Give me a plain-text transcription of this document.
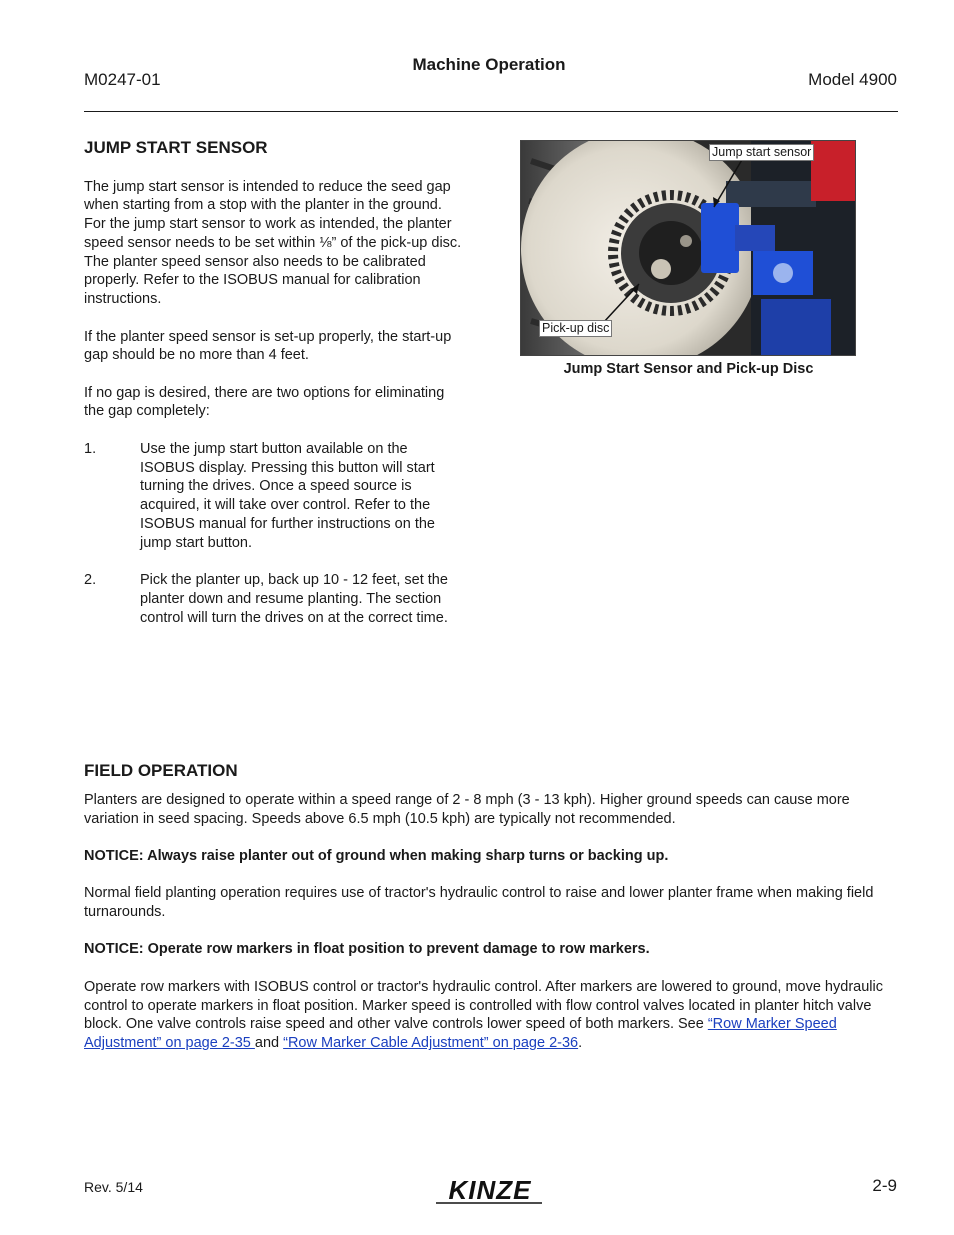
M0247-01
Machine Operation
Model 4900
JUMP START SENSOR

The jump start sensor is intended to reduce the seed gap when starting from a stop with the planter in the ground. For the jump start sensor to work as intended, the planter speed sensor needs to be set within ⅛” of the pick-up disc. The planter speed sensor also needs to be calibrated properly. Refer to the ISOBUS manual for calibration instructions.

If the planter speed sensor is set-up properly, the start-up gap should be no more than 4 feet.

If no gap is desired, there are two options for eliminating the gap completely:

1.	Use the jump start button available on the ISOBUS display. Pressing this button will start turning the drives. Once a speed source is acquired, it will take over control. Refer to the ISOBUS manual for further instructions on the jump start button.
2.	Pick the planter up, back up 10 - 12 feet, set the planter down and resume planting. The section control will turn the drives on at the correct time.
Jump start sensor
Pick-up disc
Jump Start Sensor and Pick-up Disc
FIELD OPERATION

Planters are designed to operate within a speed range of 2 - 8 mph (3 - 13 kph). Higher ground speeds can cause more variation in seed spacing. Speeds above 6.5 mph (10.5 kph) are typically not recommended.

NOTICE: Always raise planter out of ground when making sharp turns or backing up.

Normal field planting operation requires use of tractor's hydraulic control to raise and lower planter frame when making field turnarounds.

NOTICE: Operate row markers in float position to prevent damage to row markers.

Operate row markers with ISOBUS control or tractor's hydraulic control. After markers are lowered to ground, move hydraulic control to operate markers in float position. Marker speed is controlled with flow control valves located in planter hitch valve block. One valve controls raise speed and other valve controls lower speed of both markers. See “Row Marker Speed Adjustment” on page 2-35 and “Row Marker Cable Adjustment” on page 2-36.

Rev. 5/14	KINZE	2-9
